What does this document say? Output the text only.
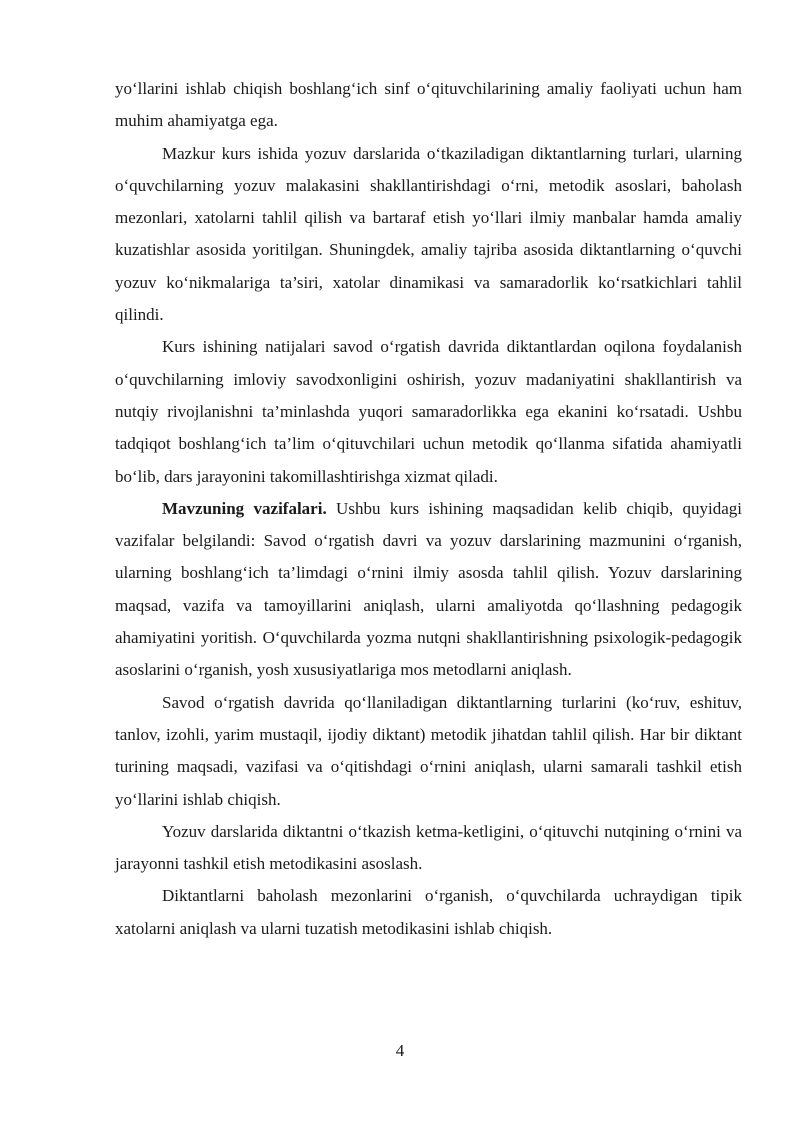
yo‘llarini ishlab chiqish boshlang‘ich sinf o‘qituvchilarining amaliy faoliyati uchun ham muhim ahamiyatga ega.

Mazkur kurs ishida yozuv darslarida o‘tkaziladigan diktantlarning turlari, ularning o‘quvchilarning yozuv malakasini shakllantirishdagi o‘rni, metodik asoslari, baholash mezonlari, xatolarni tahlil qilish va bartaraf etish yo‘llari ilmiy manbalar hamda amaliy kuzatishlar asosida yoritilgan. Shuningdek, amaliy tajriba asosida diktantlarning o‘quvchi yozuv ko‘nikmalariga ta’siri, xatolar dinamikasi va samaradorlik ko‘rsatkichlari tahlil qilindi.

Kurs ishining natijalari savod o‘rgatish davrida diktantlardan oqilona foydalanish o‘quvchilarning imloviy savodxonligini oshirish, yozuv madaniyatini shakllantirish va nutqiy rivojlanishni ta’minlashda yuqori samaradorlikka ega ekanini ko‘rsatadi. Ushbu tadqiqot boshlang‘ich ta’lim o‘qituvchilari uchun metodik qo‘llanma sifatida ahamiyatli bo‘lib, dars jarayonini takomillashtirishga xizmat qiladi.

Mavzuning vazifalari. Ushbu kurs ishining maqsadidan kelib chiqib, quyidagi vazifalar belgilandi: Savod o‘rgatish davri va yozuv darslarining mazmunini o‘rganish, ularning boshlang‘ich ta’limdagi o‘rnini ilmiy asosda tahlil qilish. Yozuv darslarining maqsad, vazifa va tamoyillarini aniqlash, ularni amaliyotda qo‘llashning pedagogik ahamiyatini yoritish. O‘quvchilarda yozma nutqni shakllantirishning psixologik-pedagogik asoslarini o‘rganish, yosh xususiyatlariga mos metodlarni aniqlash.

Savod o‘rgatish davrida qo‘llaniladigan diktantlarning turlarini (ko‘ruv, eshituv, tanlov, izohli, yarim mustaqil, ijodiy diktant) metodik jihatdan tahlil qilish. Har bir diktant turining maqsadi, vazifasi va o‘qitishdagi o‘rnini aniqlash, ularni samarali tashkil etish yo‘llarini ishlab chiqish.

Yozuv darslarida diktantni o‘tkazish ketma-ketligini, o‘qituvchi nutqining o‘rnini va jarayonni tashkil etish metodikasini asoslash.

Diktantlarni baholash mezonlarini o‘rganish, o‘quvchilarda uchraydigan tipik xatolarni aniqlash va ularni tuzatish metodikasini ishlab chiqish.

4
